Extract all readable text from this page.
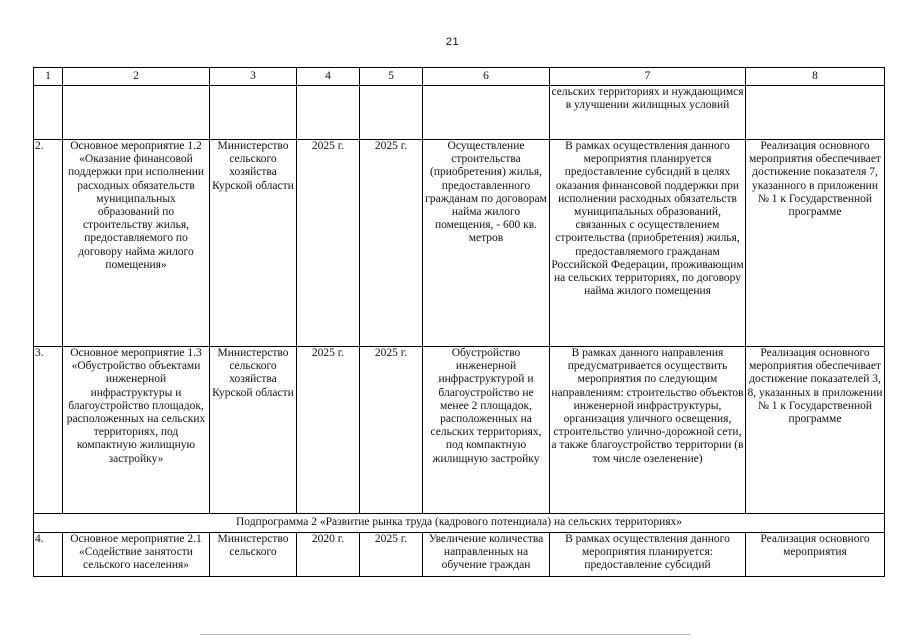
21
1	2	3	4	5	6	7	8
						сельских территориях и нуждающимся в улучшении жилищных условий	
2.	Основное мероприятие 1.2 «Оказание финансовой поддержки при исполнении расходных обязательств муниципальных образований по строительству жилья, предоставляемого по договору найма жилого помещения»	Министерство сельского хозяйства Курской области	2025 г.	2025 г.	Осуществление строительства (приобретения) жилья, предоставленного гражданам по договорам найма жилого помещения, - 600 кв. метров	В рамках осуществления данного мероприятия планируется предоставление субсидий в целях оказания финансовой поддержки при исполнении расходных обязательств муниципальных образований, связанных с осуществлением строительства (приобретения) жилья, предоставляемого гражданам Российской Федерации, проживающим на сельских территориях, по договору найма жилого помещения	Реализация основного мероприятия обеспечивает достижение показателя 7, указанного в приложении № 1 к Государственной программе
3.	Основное мероприятие 1.3 «Обустройство объектами инженерной инфраструктуры и благоустройство площадок, расположенных на сельских территориях, под компактную жилищную застройку»	Министерство сельского хозяйства Курской области	2025 г.	2025 г.	Обустройство инженерной инфраструктурой и благоустройство не менее 2 площадок, расположенных на сельских территориях, под компактную жилищную застройку	В рамках данного направления предусматривается осуществить мероприятия по следующим направлениям: строительство объектов инженерной инфраструктуры, организация уличного освещения, строительство улично-дорожной сети, а также благоустройство территории (в том числе озеленение)	Реализация основного мероприятия обеспечивает достижение показателей 3, 8, указанных в приложении № 1 к Государственной программе
Подпрограмма 2 «Развитие рынка труда (кадрового потенциала) на сельских территориях»							
4.	Основное мероприятие 2.1 «Содействие занятости сельского населения»	Министерство сельского	2020 г.	2025 г.	Увеличение количества направленных на обучение граждан	В рамках осуществления данного мероприятия планируется: предоставление субсидий	Реализация основного мероприятия
